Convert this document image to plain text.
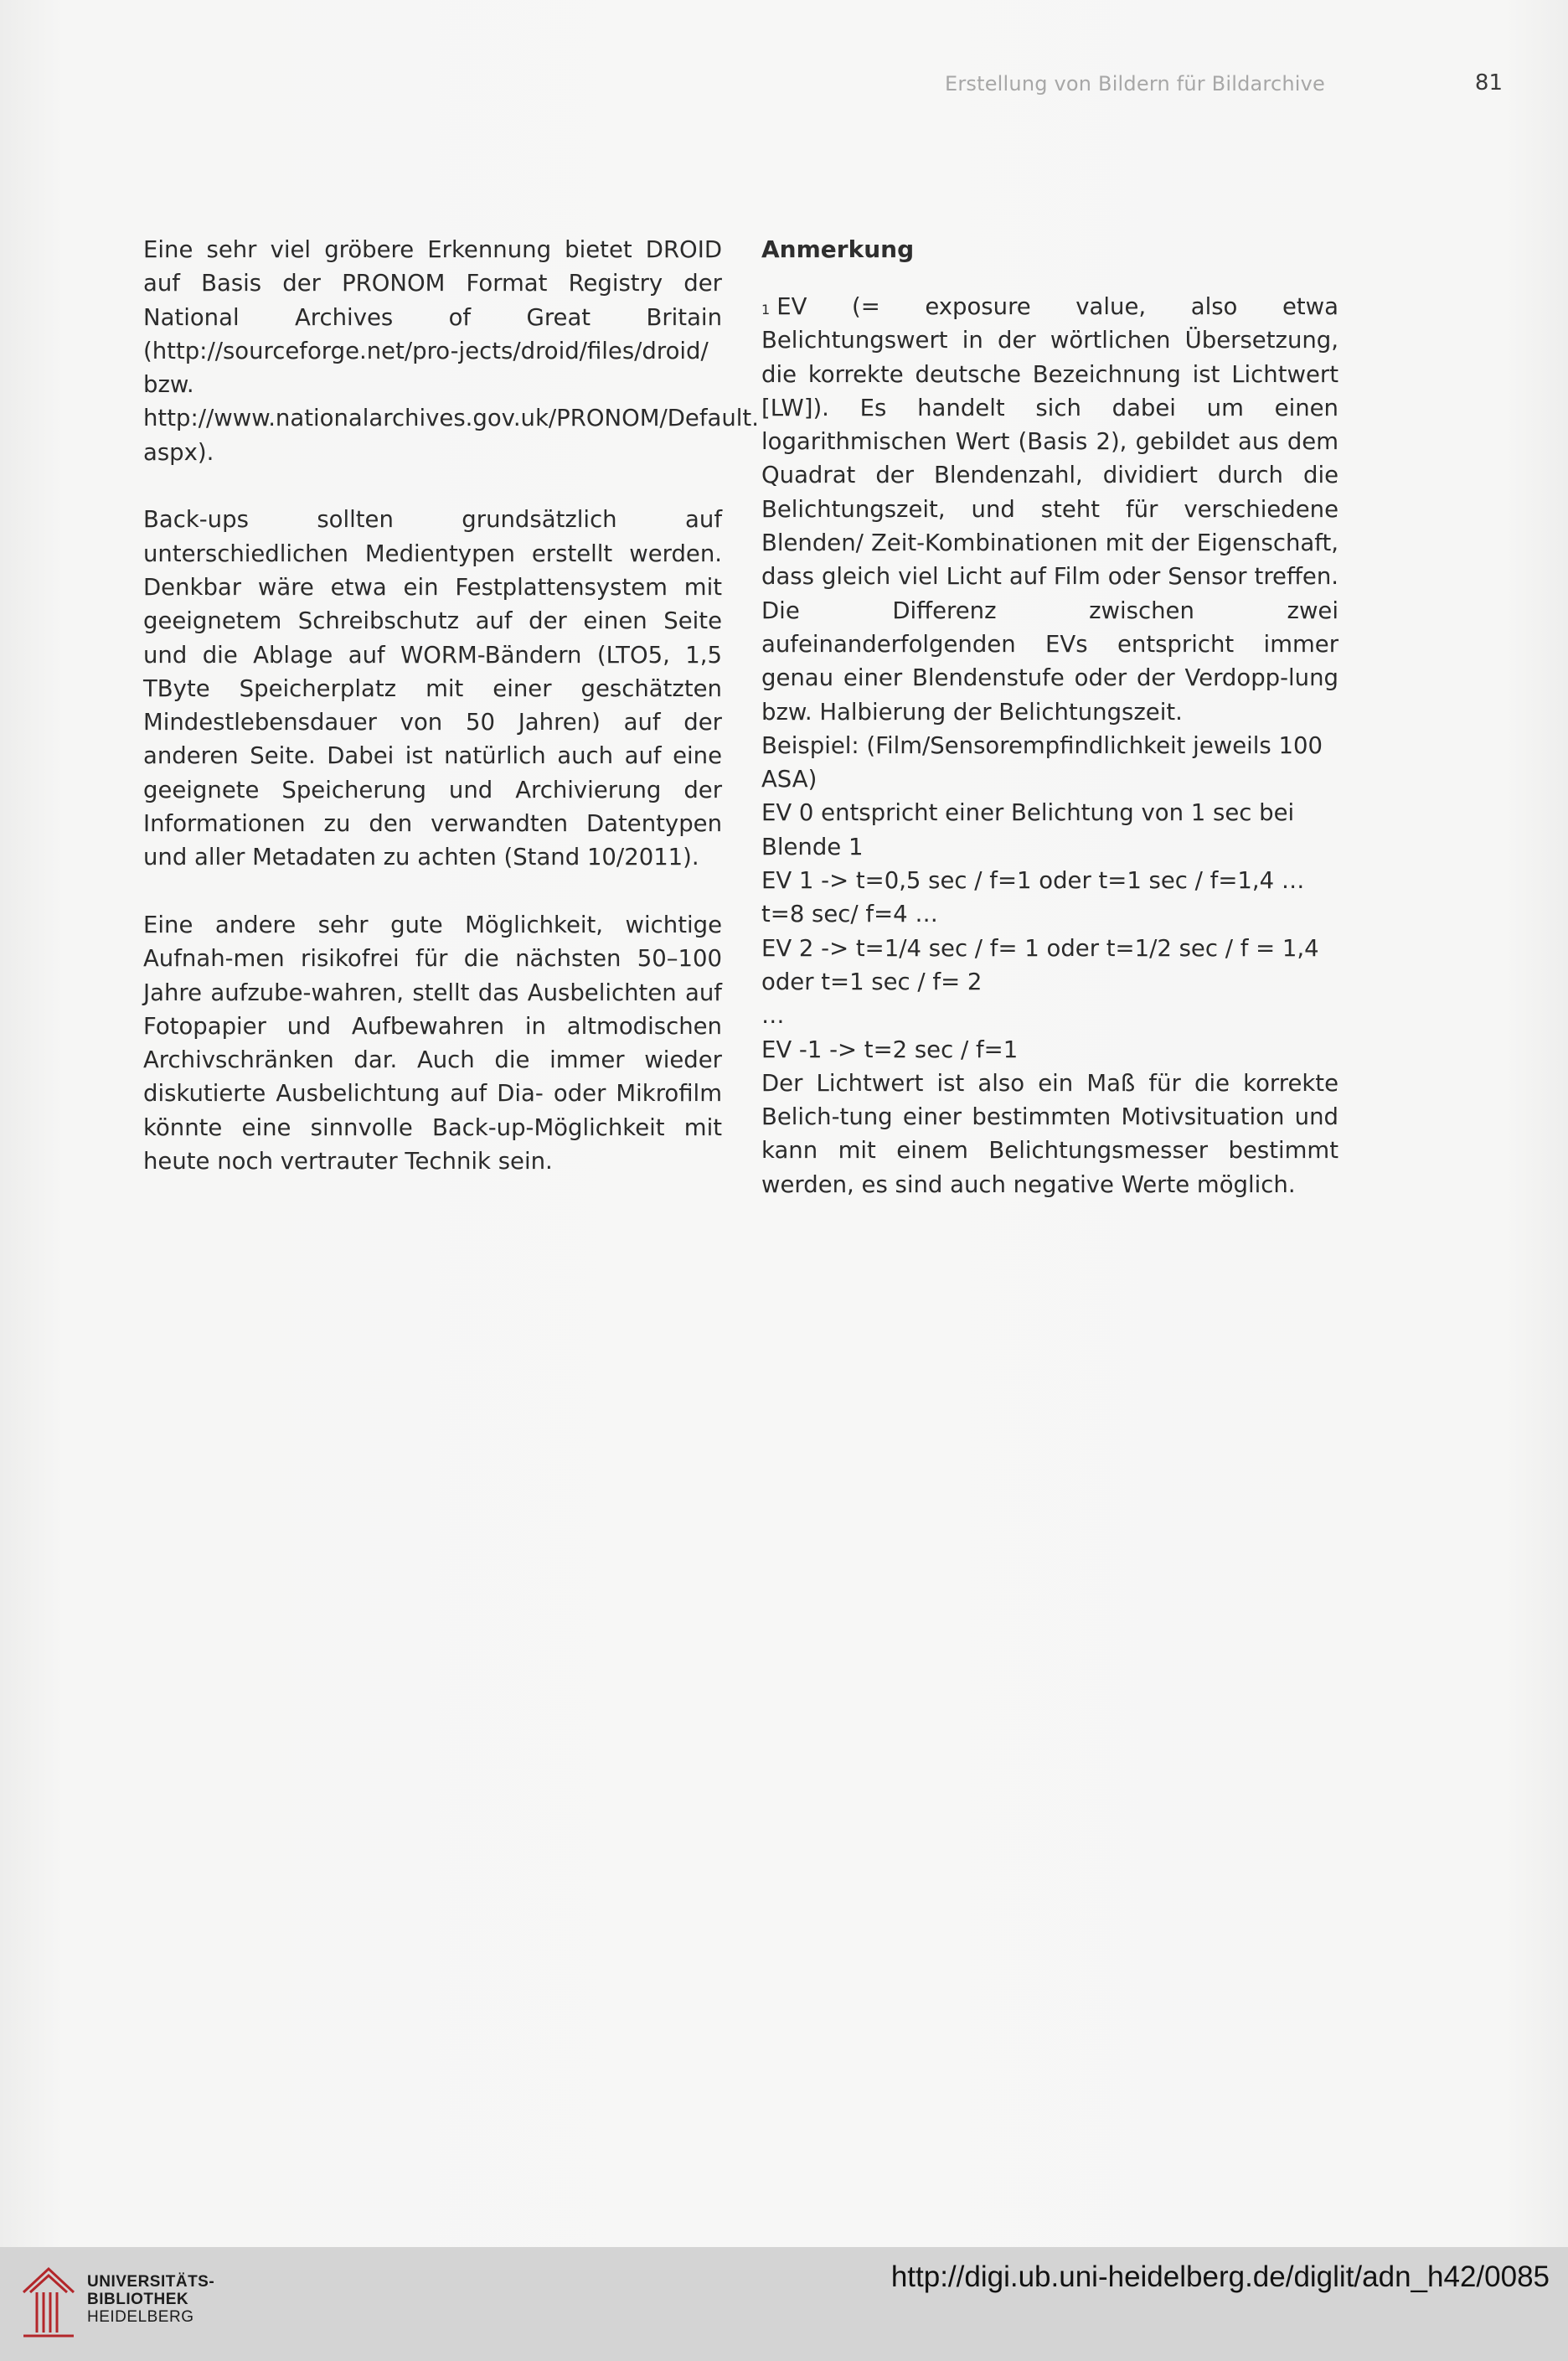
Erstellung von Bildern für Bildarchive	81

Eine sehr viel gröbere Erkennung bietet DROID auf Basis der PRONOM Format Registry der National Archives of Great Britain (http://sourceforge.net/pro-jects/droid/files/droid/ bzw. http://www.nationalarchives.gov.uk/PRONOM/Default. aspx).

Back-ups sollten grundsätzlich auf unterschiedlichen Medientypen erstellt werden. Denkbar wäre etwa ein Festplattensystem mit geeignetem Schreibschutz auf der einen Seite und die Ablage auf WORM-Bändern (LTO5, 1,5 TByte Speicherplatz mit einer geschätzten Mindestlebensdauer von 50 Jahren) auf der anderen Seite. Dabei ist natürlich auch auf eine geeignete Speicherung und Archivierung der Informationen zu den verwandten Datentypen und aller Metadaten zu achten (Stand 10/2011).

Eine andere sehr gute Möglichkeit, wichtige Aufnah-men risikofrei für die nächsten 50–100 Jahre aufzube-wahren, stellt das Ausbelichten auf Fotopapier und Aufbewahren in altmodischen Archivschränken dar. Auch die immer wieder diskutierte Ausbelichtung auf Dia- oder Mikrofilm könnte eine sinnvolle Back-up-Möglichkeit mit heute noch vertrauter Technik sein.

Anmerkung

$^1$ EV (= exposure value, also etwa Belichtungswert in der wörtlichen Übersetzung, die korrekte deutsche Bezeichnung ist Lichtwert [LW]). Es handelt sich dabei um einen logarithmischen Wert (Basis 2), gebildet aus dem Quadrat der Blendenzahl, dividiert durch die Belichtungszeit, und steht für verschiedene Blenden/ Zeit-Kombinationen mit der Eigenschaft, dass gleich viel Licht auf Film oder Sensor treffen. Die Differenz zwischen zwei aufeinanderfolgenden EVs entspricht immer genau einer Blendenstufe oder der Verdopp-lung bzw. Halbierung der Belichtungszeit.

Beispiel: (Film/Sensorempfindlichkeit jeweils 100 ASA)

EV 0 entspricht einer Belichtung von 1 sec bei Blende 1

EV 1 -> t=0,5 sec / f=1 oder t=1 sec / f=1,4 … t=8 sec/ f=4 …

EV 2 -> t=1/4 sec / f= 1 oder t=1/2 sec / f = 1,4 oder t=1 sec / f= 2

…

EV -1 -> t=2 sec / f=1

Der Lichtwert ist also ein Maß für die korrekte Belich-tung einer bestimmten Motivsituation und kann mit einem Belichtungsmesser bestimmt werden, es sind auch negative Werte möglich.

UNIVERSITÄTS-
BIBLIOTHEK
HEIDELBERG
http://digi.ub.uni-heidelberg.de/diglit/adn_h42/0085
